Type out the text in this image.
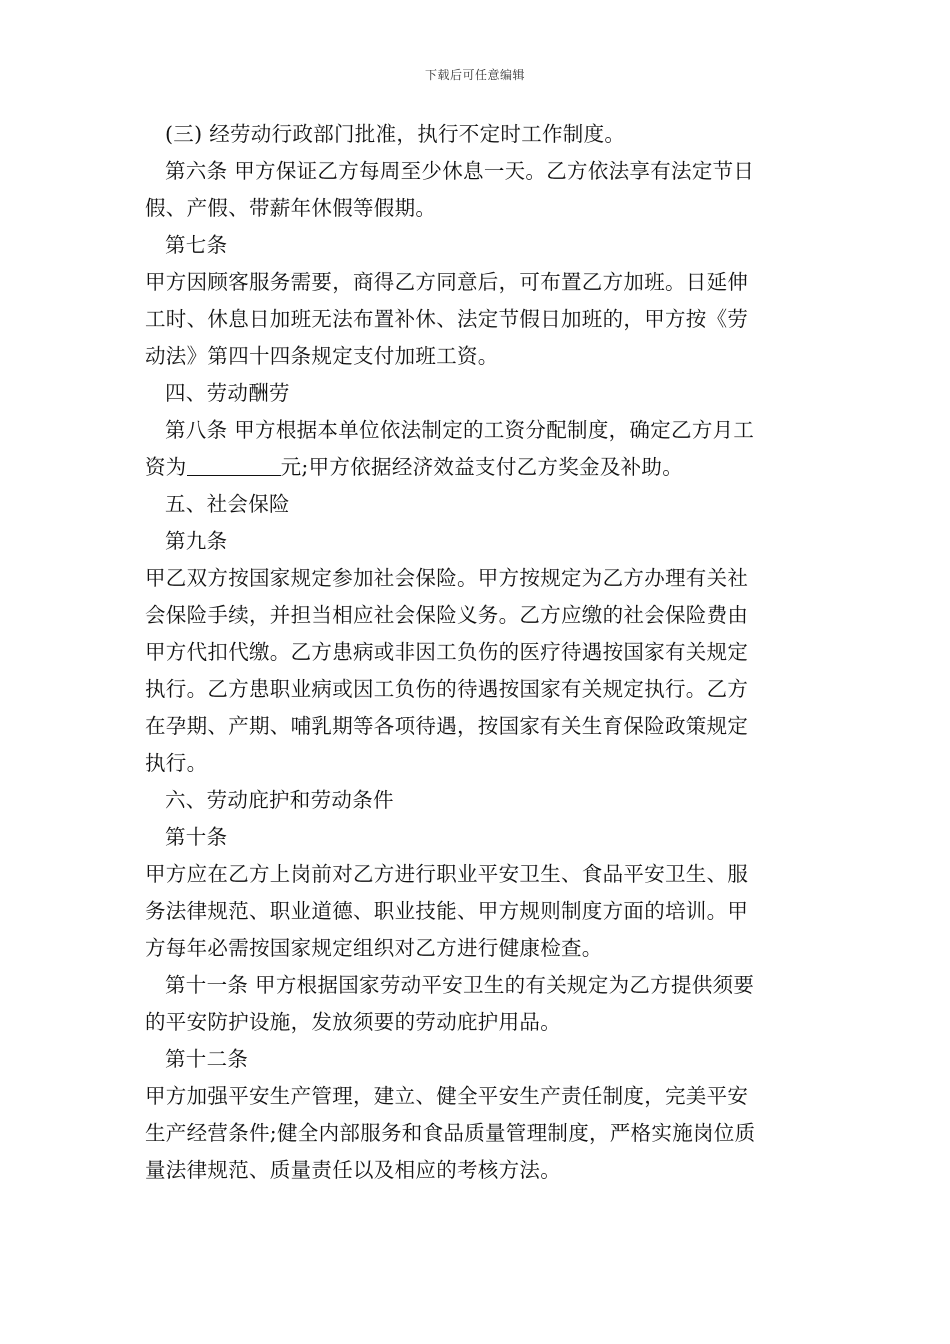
下载后可任意编辑
(三) 经劳动行政部门批准，执行不定时工作制度。
第六条 甲方保证乙方每周至少休息一天。乙方依法享有法定节日
假、产假、带薪年休假等假期。
第七条
甲方因顾客服务需要，商得乙方同意后，可布置乙方加班。日延伸
工时、休息日加班无法布置补休、法定节假日加班的，甲方按《劳
动法》第四十四条规定支付加班工资。
四、劳动酬劳
第八条 甲方根据本单位依法制定的工资分配制度，确定乙方月工
资为	元;甲方依据经济效益支付乙方奖金及补助。
五、社会保险
第九条
甲乙双方按国家规定参加社会保险。甲方按规定为乙方办理有关社
会保险手续，并担当相应社会保险义务。乙方应缴的社会保险费由
甲方代扣代缴。乙方患病或非因工负伤的医疗待遇按国家有关规定
执行。乙方患职业病或因工负伤的待遇按国家有关规定执行。乙方
在孕期、产期、哺乳期等各项待遇，按国家有关生育保险政策规定
执行。
六、劳动庇护和劳动条件
第十条
甲方应在乙方上岗前对乙方进行职业平安卫生、食品平安卫生、服
务法律规范、职业道德、职业技能、甲方规则制度方面的培训。甲
方每年必需按国家规定组织对乙方进行健康检查。
第十一条 甲方根据国家劳动平安卫生的有关规定为乙方提供须要
的平安防护设施，发放须要的劳动庇护用品。
第十二条
甲方加强平安生产管理，建立、健全平安生产责任制度，完美平安
生产经营条件;健全内部服务和食品质量管理制度，严格实施岗位质
量法律规范、质量责任以及相应的考核方法。
